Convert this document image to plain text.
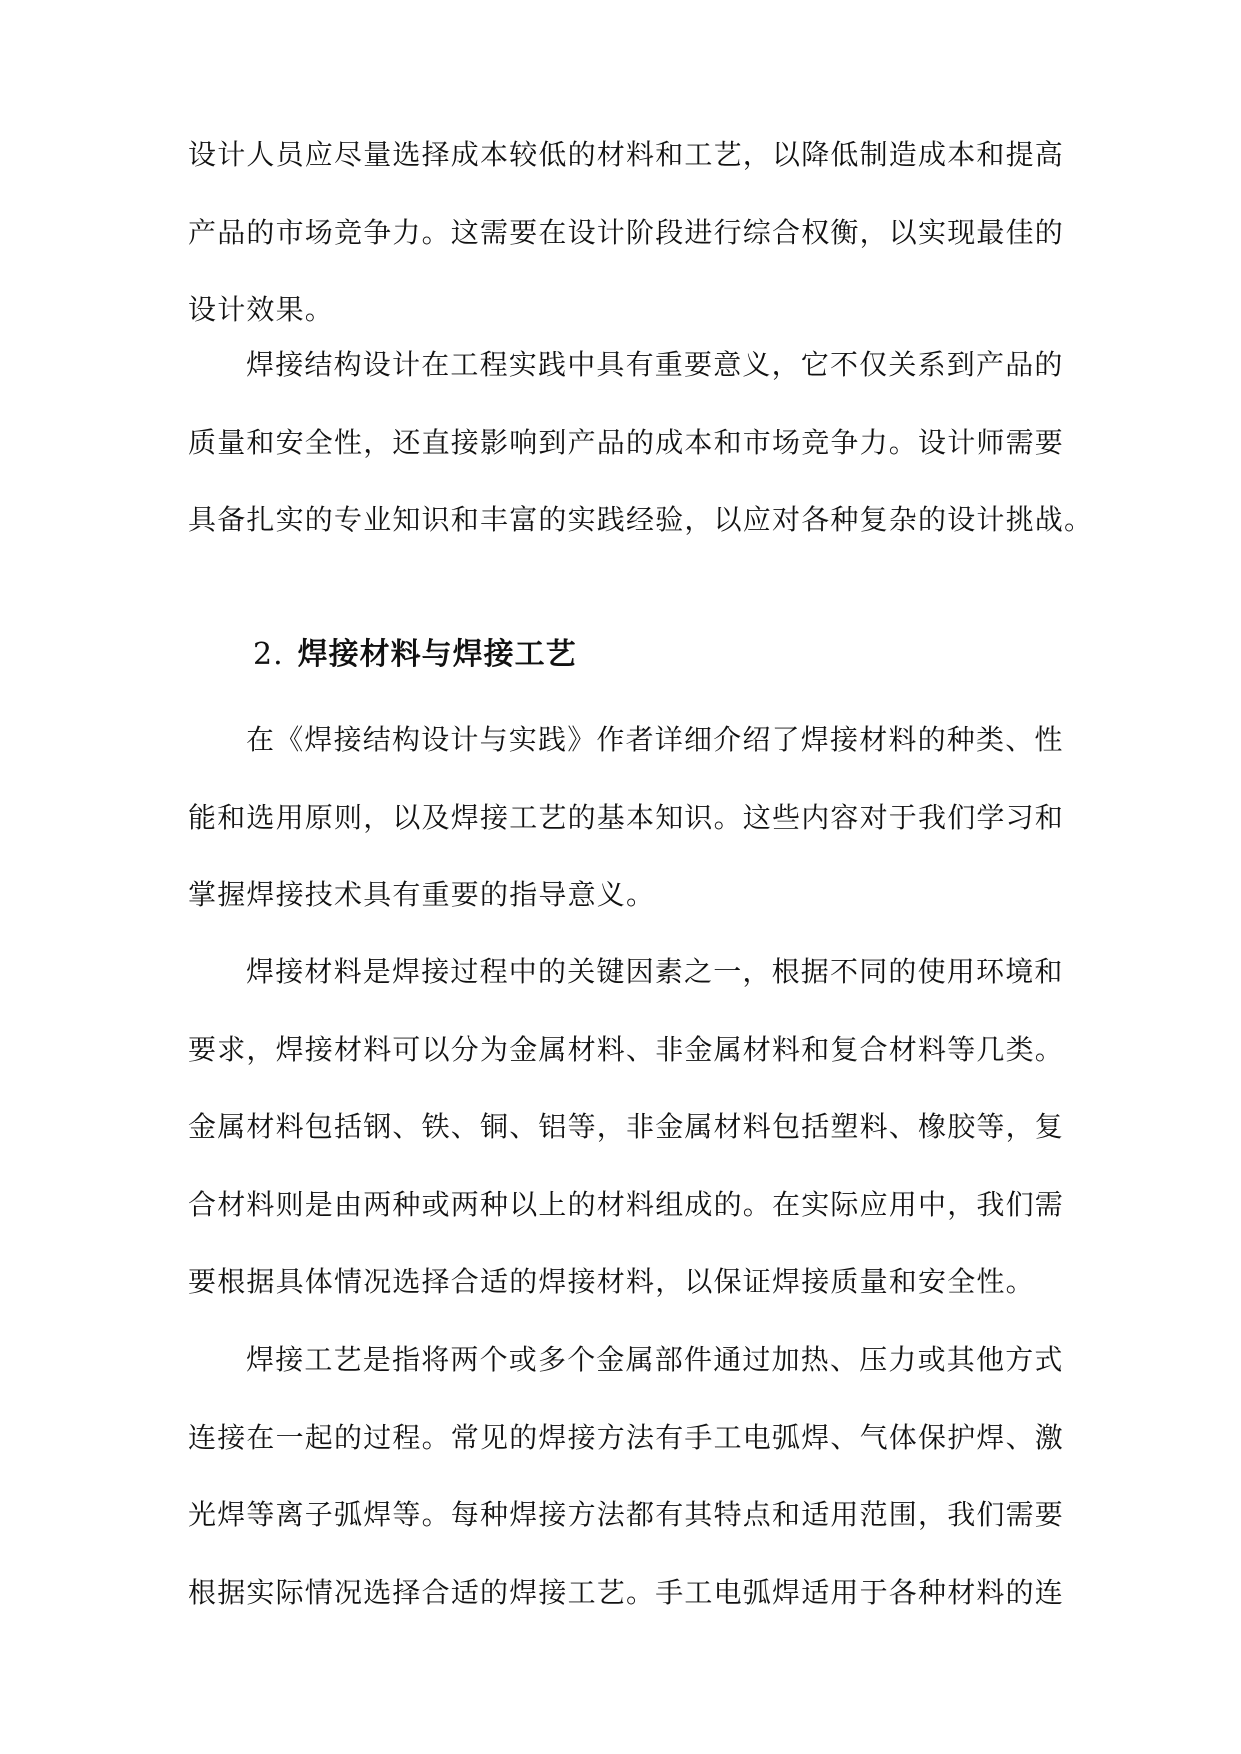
设计人员应尽量选择成本较低的材料和工艺，以降低制造成本和提高
产品的市场竞争力。这需要在设计阶段进行综合权衡，以实现最佳的
设计效果。
焊接结构设计在工程实践中具有重要意义，它不仅关系到产品的
质量和安全性，还直接影响到产品的成本和市场竞争力。设计师需要
具备扎实的专业知识和丰富的实践经验，以应对各种复杂的设计挑战。
2. 焊接材料与焊接工艺
在《焊接结构设计与实践》作者详细介绍了焊接材料的种类、性
能和选用原则，以及焊接工艺的基本知识。这些内容对于我们学习和
掌握焊接技术具有重要的指导意义。
焊接材料是焊接过程中的关键因素之一，根据不同的使用环境和
要求，焊接材料可以分为金属材料、非金属材料和复合材料等几类。
金属材料包括钢、铁、铜、铝等，非金属材料包括塑料、橡胶等，复
合材料则是由两种或两种以上的材料组成的。在实际应用中，我们需
要根据具体情况选择合适的焊接材料，以保证焊接质量和安全性。
焊接工艺是指将两个或多个金属部件通过加热、压力或其他方式
连接在一起的过程。常见的焊接方法有手工电弧焊、气体保护焊、激
光焊等离子弧焊等。每种焊接方法都有其特点和适用范围，我们需要
根据实际情况选择合适的焊接工艺。手工电弧焊适用于各种材料的连
